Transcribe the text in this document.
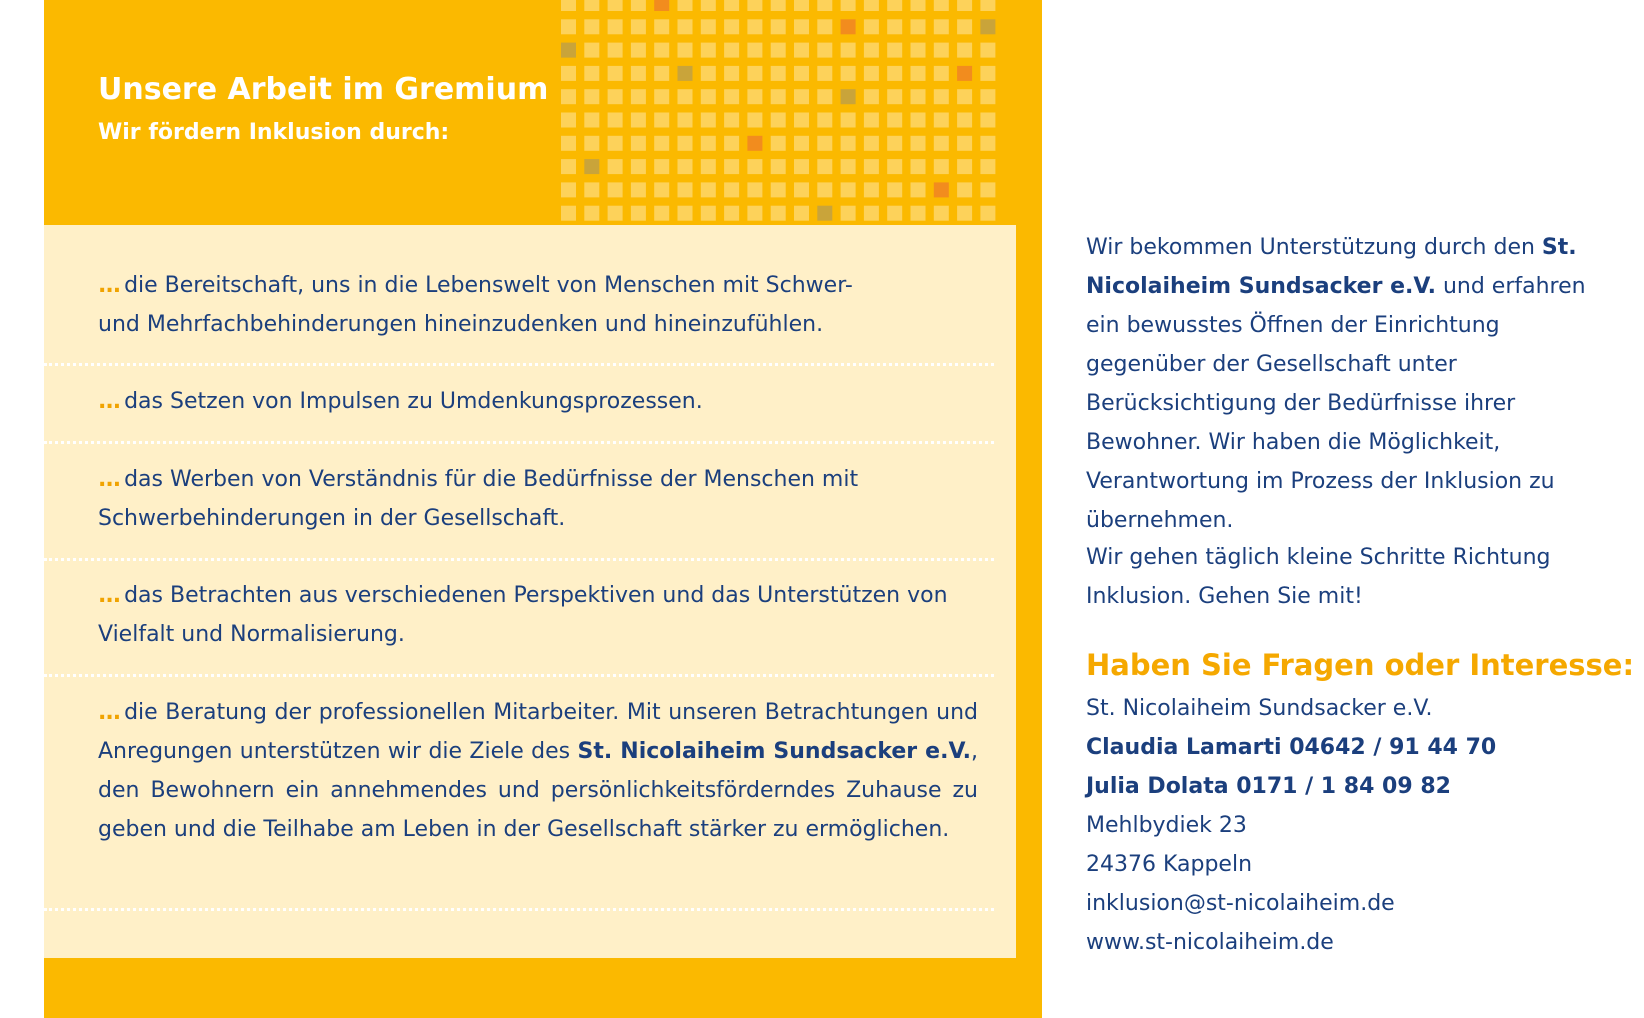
Unsere Arbeit im Gremium
Wir fördern Inklusion durch:
... die Bereitschaft, uns in die Lebenswelt von Menschen mit Schwer-
und Mehrfachbehinderungen hineinzudenken und hineinzufühlen.
... das Setzen von Impulsen zu Umdenkungsprozessen.
... das Werben von Verständnis für die Bedürfnisse der Menschen mit
Schwerbehinderungen in der Gesellschaft.
... das Betrachten aus verschiedenen Perspektiven und das Unterstützen von
Vielfalt und Normalisierung.
... die Beratung der professionellen Mitarbeiter. Mit unseren Betrachtungen und Anregungen unterstützen wir die Ziele des St. Nicolaiheim Sundsacker e.V., den Bewohnern ein annehmendes und persönlichkeitsförderndes Zuhause zu geben und die Teilhabe am Leben in der Gesellschaft stärker zu ermöglichen.
Wir bekommen Unterstützung durch den St. Nicolaiheim Sundsacker e.V. und erfahren ein bewusstes Öffnen der Einrichtung gegenüber der Gesellschaft unter Berücksichtigung der Bedürfnisse ihrer Bewohner. Wir haben die Möglichkeit, Verantwortung im Prozess der Inklusion zu übernehmen.
Wir gehen täglich kleine Schritte Richtung Inklusion. Gehen Sie mit!
Haben Sie Fragen oder Interesse:
St. Nicolaiheim Sundsacker e.V.
Claudia Lamarti 04642 / 91 44 70
Julia Dolata 0171 / 1 84 09 82
Mehlbydiek 23
24376 Kappeln
inklusion@st-nicolaiheim.de
www.st-nicolaiheim.de
